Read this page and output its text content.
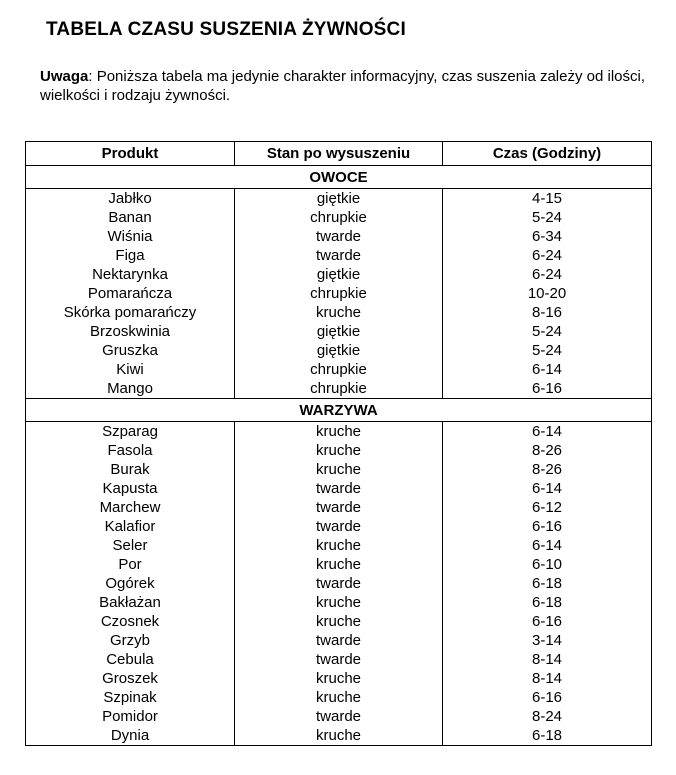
TABELA CZASU SUSZENIA ŻYWNOŚCI
Uwaga: Poniższa tabela ma jedynie charakter informacyjny, czas suszenia zależy od ilości, wielkości i rodzaju żywności.
Produkt	Stan po wysuszeniu	Czas (Godziny)
OWOCE		
Jabłko	giętkie	4-15
Banan	chrupkie	5-24
Wiśnia	twarde	6-34
Figa	twarde	6-24
Nektarynka	giętkie	6-24
Pomarańcza	chrupkie	10-20
Skórka pomarańczy	kruche	8-16
Brzoskwinia	giętkie	5-24
Gruszka	giętkie	5-24
Kiwi	chrupkie	6-14
Mango	chrupkie	6-16
WARZYWA		
Szparag	kruche	6-14
Fasola	kruche	8-26
Burak	kruche	8-26
Kapusta	twarde	6-14
Marchew	twarde	6-12
Kalafior	twarde	6-16
Seler	kruche	6-14
Por	kruche	6-10
Ogórek	twarde	6-18
Bakłażan	kruche	6-18
Czosnek	kruche	6-16
Grzyb	twarde	3-14
Cebula	twarde	8-14
Groszek	kruche	8-14
Szpinak	kruche	6-16
Pomidor	twarde	8-24
Dynia	kruche	6-18
